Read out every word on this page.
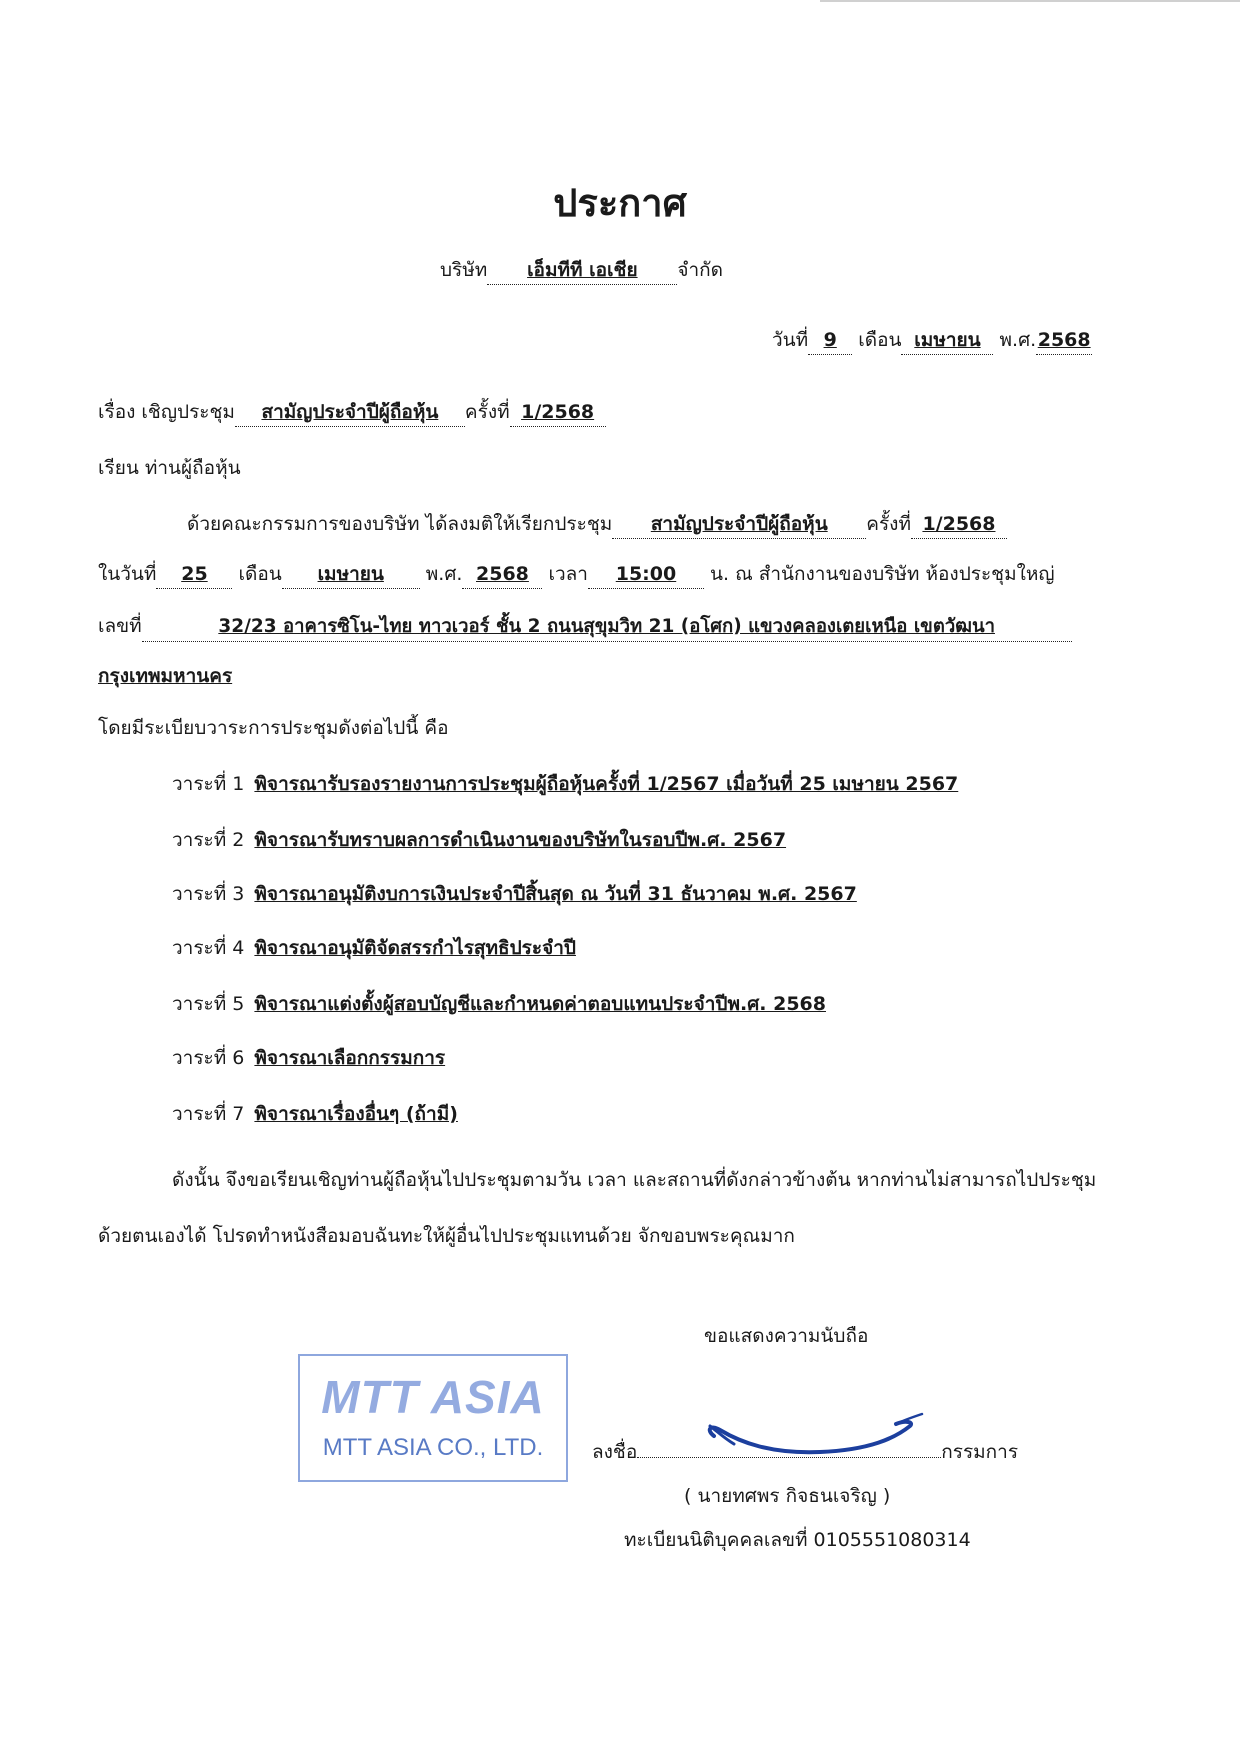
ประกาศ
บริษัท เอ็มทีที เอเชีย จำกัด
วันที่ 9 เดือน เมษายน พ.ศ.2568
เรื่อง เชิญประชุม สามัญประจำปีผู้ถือหุ้น ครั้งที่ 1/2568
เรียน ท่านผู้ถือหุ้น
ด้วยคณะกรรมการของบริษัท ได้ลงมติให้เรียกประชุม สามัญประจำปีผู้ถือหุ้น ครั้งที่ 1/2568
ในวันที่ 25 เดือน เมษายน พ.ศ. 2568 เวลา 15:00 น. ณ สำนักงานของบริษัท ห้องประชุมใหญ่
เลขที่	32/23 อาคารซิโน-ไทย ทาวเวอร์ ชั้น 2 ถนนสุขุมวิท 21 (อโศก) แขวงคลองเตยเหนือ เขตวัฒนา
กรุงเทพมหานคร
โดยมีระเบียบวาระการประชุมดังต่อไปนี้ คือ
วาระที่ 1 พิจารณารับรองรายงานการประชุมผู้ถือหุ้นครั้งที่ 1/2567 เมื่อวันที่ 25 เมษายน 2567
วาระที่ 2 พิจารณารับทราบผลการดำเนินงานของบริษัทในรอบปีพ.ศ. 2567
วาระที่ 3 พิจารณาอนุมัติงบการเงินประจำปีสิ้นสุด ณ วันที่ 31 ธันวาคม พ.ศ. 2567
วาระที่ 4 พิจารณาอนุมัติจัดสรรกำไรสุทธิประจำปี
วาระที่ 5 พิจารณาแต่งตั้งผู้สอบบัญชีและกำหนดค่าตอบแทนประจำปีพ.ศ. 2568
วาระที่ 6 พิจารณาเลือกกรรมการ
วาระที่ 7 พิจารณาเรื่องอื่นๆ (ถ้ามี)
ดังนั้น จึงขอเรียนเชิญท่านผู้ถือหุ้นไปประชุมตามวัน เวลา และสถานที่ดังกล่าวข้างต้น หากท่านไม่สามารถไปประชุม
ด้วยตนเองได้ โปรดทำหนังสือมอบฉันทะให้ผู้อื่นไปประชุมแทนด้วย จักขอบพระคุณมาก
ขอแสดงความนับถือ
MTT ASIA
MTT ASIA CO., LTD.	ลงชื่อ	กรรมการ
( นายทศพร กิจธนเจริญ )
ทะเบียนนิติบุคคลเลขที่ 0105551080314
